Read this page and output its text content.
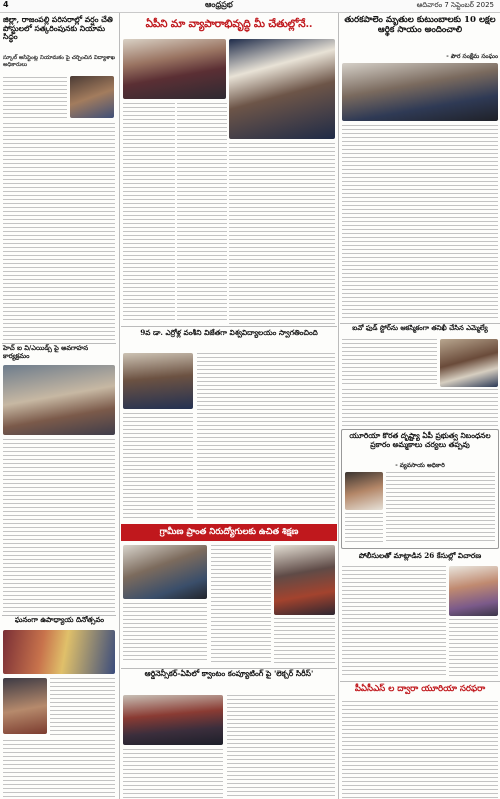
4	ఆంధ్రప్రభ	ఆదివారం 7 సెప్టెంబర్ 2025
జిల్లా, రాజంపల్లి పరిసరాల్లో వర్షం చేతి పోస్టులలో సత్కరింపునకు నియామ సిద్ధం
స్కూల్ అసిస్టెంట్ల నియామకం పై చర్చించిన విద్యాశాఖ అధికారులు
హెచ్ ఐ వి/ఎయిడ్స్ పై అవగాహన కార్యక్రమం
ఘనంగా ఉపాధ్యాయ దినోత్సవం
ఏపీని మా వ్యాపారాభివృద్ధి మీ చేతుల్లోనే..
9వ డా. ఎర్రోళ్ల వంశీని విజేతగా విశ్వవిద్యాలయం స్వాగతించింది
గ్రామీణ ప్రాంత నిరుద్యోగులకు ఉచిత శిక్షణ
ఆర్డినెన్సీకర్-ఏపిలో క్వాంటం కంప్యూటింగ్ పై 'లెక్చర్ సిరీస్'
తురకపాలెం మృతుల కుటుంబాలకు 10 లక్షల ఆర్థిక సాయం అందించాలి
- పౌర సంక్షేమ సంఘం
ఐవో ఫుడ్ స్టోర్‌ను ఆకస్మికంగా తనిఖీ చేసిన ఎమ్మెల్యే
యూరియా కొరత దృష్ట్యా ఏపీ ప్రభుత్వ నిబంధనల ప్రకారం అమ్మకాలు చర్యలు తప్పవు
- వ్యవసాయ అధికారి
పోలీసులతో మాట్లాడిన 26 కేసుల్లో విచారణ
పీఏసీఎస్‌ ల ద్వారా యూరియా సరఫరా
